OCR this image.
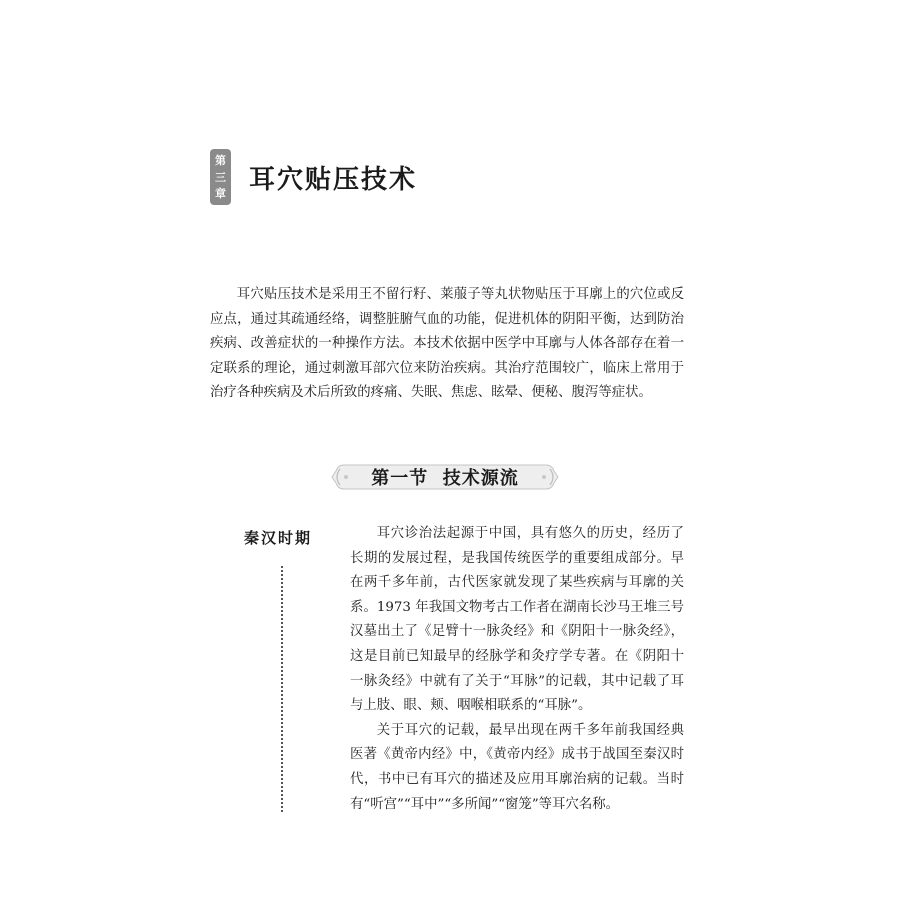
第
三
章 耳穴贴压技术

耳穴贴压技术是采用王不留行籽、莱菔子等丸状物贴压于耳廓上的穴位或反应点，通过其疏通经络，调整脏腑气血的功能，促进机体的阴阳平衡，达到防治疾病、改善症状的一种操作方法。本技术依据中医学中耳廓与人体各部存在着一定联系的理论，通过刺激耳部穴位来防治疾病。其治疗范围较广，临床上常用于治疗各种疾病及术后所致的疼痛、失眠、焦虑、眩晕、便秘、腹泻等症状。

第一节  技术源流
秦汉时期	耳穴诊治法起源于中国，具有悠久的历史，经历了长期的发展过程，是我国传统医学的重要组成部分。早在两千多年前，古代医家就发现了某些疾病与耳廓的关系。1973 年我国文物考古工作者在湖南长沙马王堆三号汉墓出土了《足臂十一脉灸经》和《阴阳十一脉灸经》，这是目前已知最早的经脉学和灸疗学专著。在《阴阳十一脉灸经》中就有了关于“耳脉”的记载，其中记载了耳与上肢、眼、颊、咽喉相联系的“耳脉”。

关于耳穴的记载，最早出现在两千多年前我国经典医著《黄帝内经》中，《黄帝内经》成书于战国至秦汉时代，书中已有耳穴的描述及应用耳廓治病的记载。当时有“听宫”“耳中”“多所闻”“窗笼”等耳穴名称。
